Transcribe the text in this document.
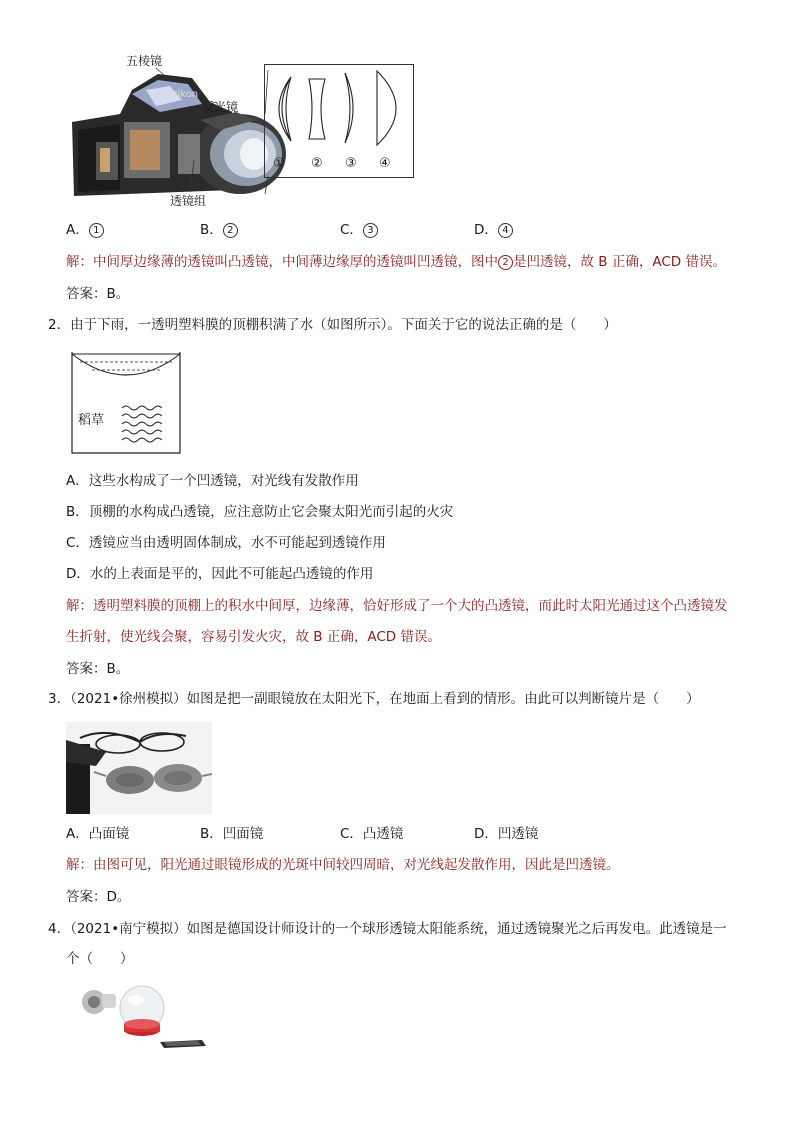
Nikon
五棱镜
反光镜
透镜组
① ② ③ ④
A． 1	B． 2	C． 3	D． 4
解：中间厚边缘薄的透镜叫凸透镜，中间薄边缘厚的透镜叫凹透镜，图中 2 是凹透镜，故 B 正确，ACD 错误。
答案：B。
2．由于下雨，一透明塑料膜的顶棚积满了水（如图所示）。下面关于它的说法正确的是（　　）
稻草
A．这些水构成了一个凹透镜，对光线有发散作用
B．顶棚的水构成凸透镜，应注意防止它会聚太阳光而引起的火灾
C．透镜应当由透明固体制成，水不可能起到透镜作用
D．水的上表面是平的，因此不可能起凸透镜的作用
解：透明塑料膜的顶棚上的积水中间厚，边缘薄，恰好形成了一个大的凸透镜，而此时太阳光通过这个凸透镜发
生折射，使光线会聚，容易引发火灾，故 B 正确，ACD 错误。
答案：B。
3．（2021•徐州模拟）如图是把一副眼镜放在太阳光下，在地面上看到的情形。由此可以判断镜片是（　　）
A．凸面镜	B．凹面镜	C．凸透镜	D．凹透镜
解：由图可见，阳光通过眼镜形成的光斑中间较四周暗，对光线起发散作用，因此是凹透镜。
答案：D。
4．（2021•南宁模拟）如图是德国设计师设计的一个球形透镜太阳能系统，通过透镜聚光之后再发电。此透镜是一
个（　　）
